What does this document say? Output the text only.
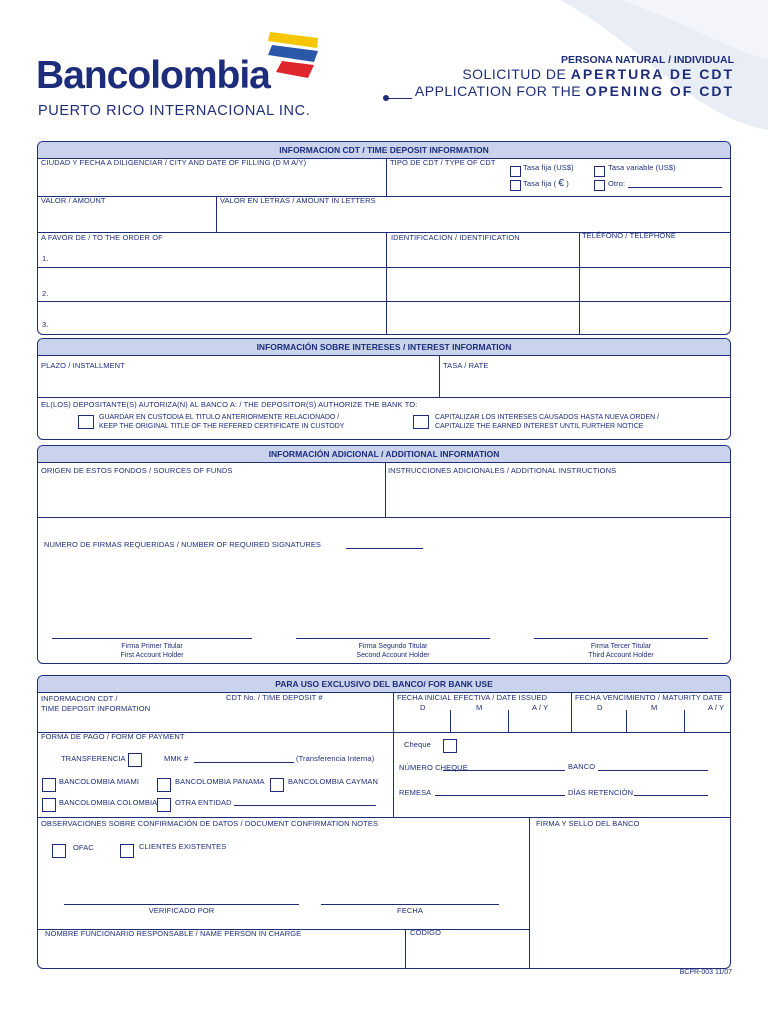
Bancolombia
PUERTO RICO INTERNACIONAL INC.
PERSONA NATURAL / INDIVIDUAL
SOLICITUD DE APERTURA DE CDT
APPLICATION FOR THE OPENING OF CDT
INFORMACION CDT / TIME DEPOSIT INFORMATION
CIUDAD Y FECHA A DILIGENCIAR / CITY AND DATE OF FILLING (D M A/Y)	TIPO DE CDT / TYPE OF CDT
Tasa fija (US$)	Tasa variable (US$)
Tasa fija ( € )	Otro:
VALOR / AMOUNT	VALOR EN LETRAS / AMOUNT IN LETTERS
A FAVOR DE / TO THE ORDER OF	IDENTIFICACION / IDENTIFICATION	TELÉFONO / TELEPHONE
1.
2.
3.
INFORMACIÓN SOBRE INTERESES / INTEREST INFORMATION
PLAZO / INSTALLMENT	TASA / RATE
EL(LOS) DEPOSITANTE(S) AUTORIZA(N) AL BANCO A: / THE DEPOSITOR(S) AUTHORIZE THE BANK TO:
GUARDAR EN CUSTODIA EL TITULO ANTERIORMENTE RELACIONADO /
KEEP THE ORIGINAL TITLE OF THE REFERED CERTIFICATE IN CUSTODY
CAPITALIZAR LOS INTERESES CAUSADOS HASTA NUEVA ORDEN /
CAPITALIZE THE EARNED INTEREST UNTIL FURTHER NOTICE
INFORMACIÓN ADICIONAL / ADDITIONAL INFORMATION
ORIGEN DE ESTOS FONDOS / SOURCES OF FUNDS	INSTRUCCIONES ADICIONALES / ADDITIONAL INSTRUCTIONS
NUMERO DE FIRMAS REQUERIDAS / NUMBER OF REQUIRED SIGNATURES
Firma Primer Titular
First Account Holder
Firma Segundo Titular
Second Account Holder
Firma Tercer Titular
Third Account Holder
PARA USO EXCLUSIVO DEL BANCO/ FOR BANK USE
INFORMACION CDT /
TIME DEPOSIT INFORMATION
CDT No. / TIME DEPOSIT #	FECHA INICIAL EFECTIVA / DATE ISSUED	FECHA VENCIMIENTO / MATURITY DATE
D	M	A / Y	D	M	A / Y
FORMA DE PAGO / FORM OF PAYMENT
TRANSFERENCIA	MMK #	(Transferencia Interna)
Cheque
BANCOLOMBIA MIAMI	BANCOLOMBIA PANAMA	BANCOLOMBIA CAYMAN
NÚMERO CHEQUE	BANCO
BANCOLOMBIA COLOMBIA OTRA ENTIDAD
REMESA	DÍAS RETENCIÓN
OBSERVACIONES SOBRE CONFIRMACIÓN DE DATOS / DOCUMENT CONFIRMATION NOTES	FIRMA Y SELLO DEL BANCO
OFAC	CLIENTES EXISTENTES
VERIFICADO POR	FECHA
NOMBRE FUNCIONARIO RESPONSABLE / NAME PERSON IN CHARGE	CODIGO
BCPR-003 11/07
